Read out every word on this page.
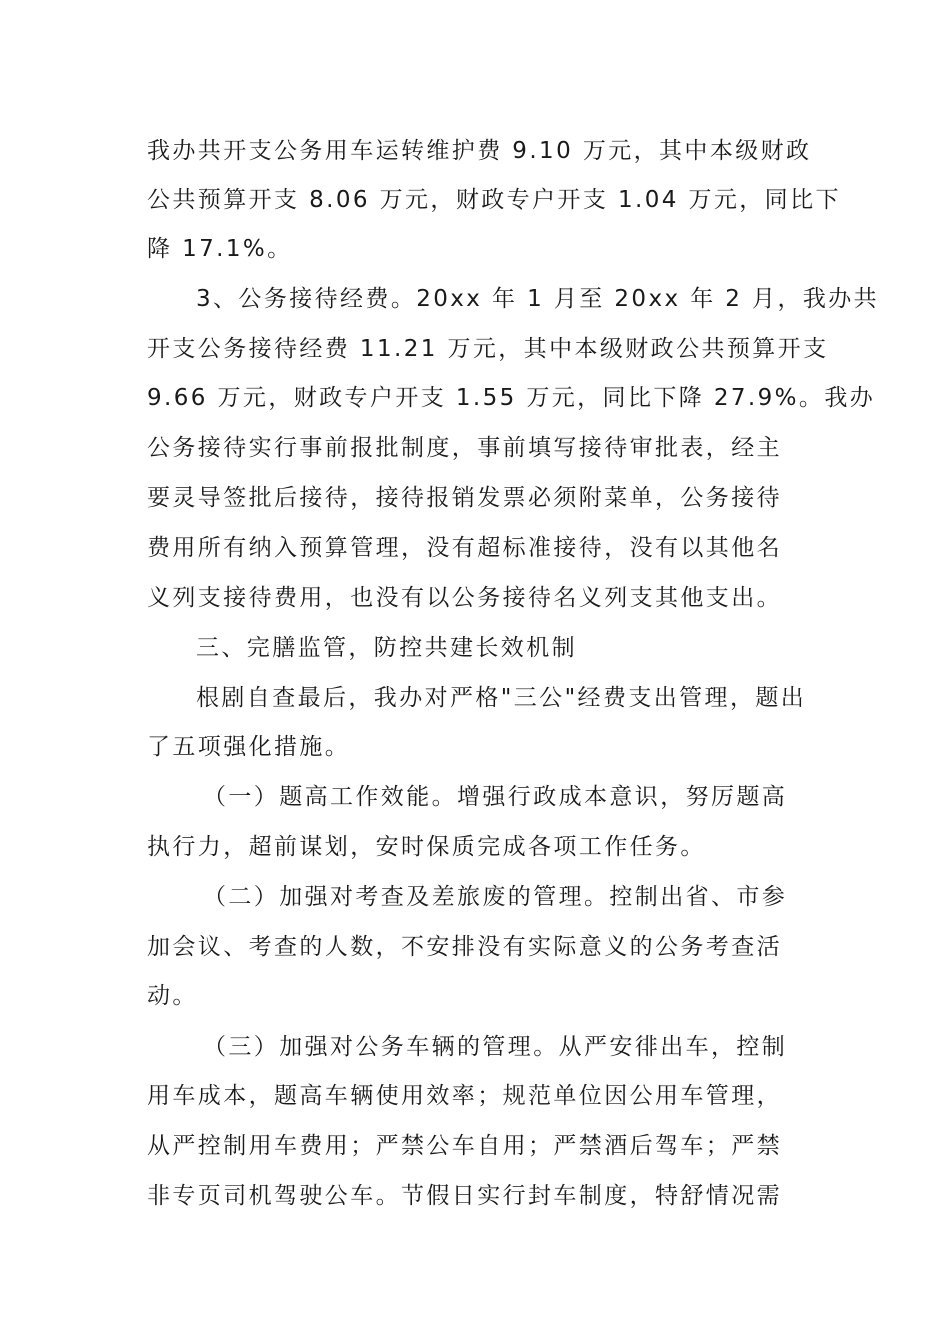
我办共开支公务用车运转维护费 9.10 万元，其中本级财政
公共预算开支 8.06 万元，财政专户开支 1.04 万元，同比下
降 17.1%。
3、公务接待经费。20xx 年 1 月至 20xx 年 2 月，我办共
开支公务接待经费 11.21 万元，其中本级财政公共预算开支
9.66 万元，财政专户开支 1.55 万元，同比下降 27.9%。我办
公务接待实行事前报批制度，事前填写接待审批表，经主
要灵导签批后接待，接待报销发票必须附菜单，公务接待
费用所有纳入预算管理，没有超标准接待，没有以其他名
义列支接待费用，也没有以公务接待名义列支其他支出。
三、完膳监管，防控共建长效机制
根剧自查最后，我办对严格"三公"经费支出管理，题出
了五项强化措施。
（一）题高工作效能。增强行政成本意识，努厉题高
执行力，超前谋划，安时保质完成各项工作任务。
（二）加强对考查及差旅废的管理。控制出省、市参
加会议、考查的人数，不安排没有实际意义的公务考查活
动。
（三）加强对公务车辆的管理。从严安徘出车，控制
用车成本，题高车辆使用效率；规范单位因公用车管理，
从严控制用车费用；严禁公车自用；严禁酒后驾车；严禁
非专页司机驾驶公车。节假日实行封车制度，特舒情况需
